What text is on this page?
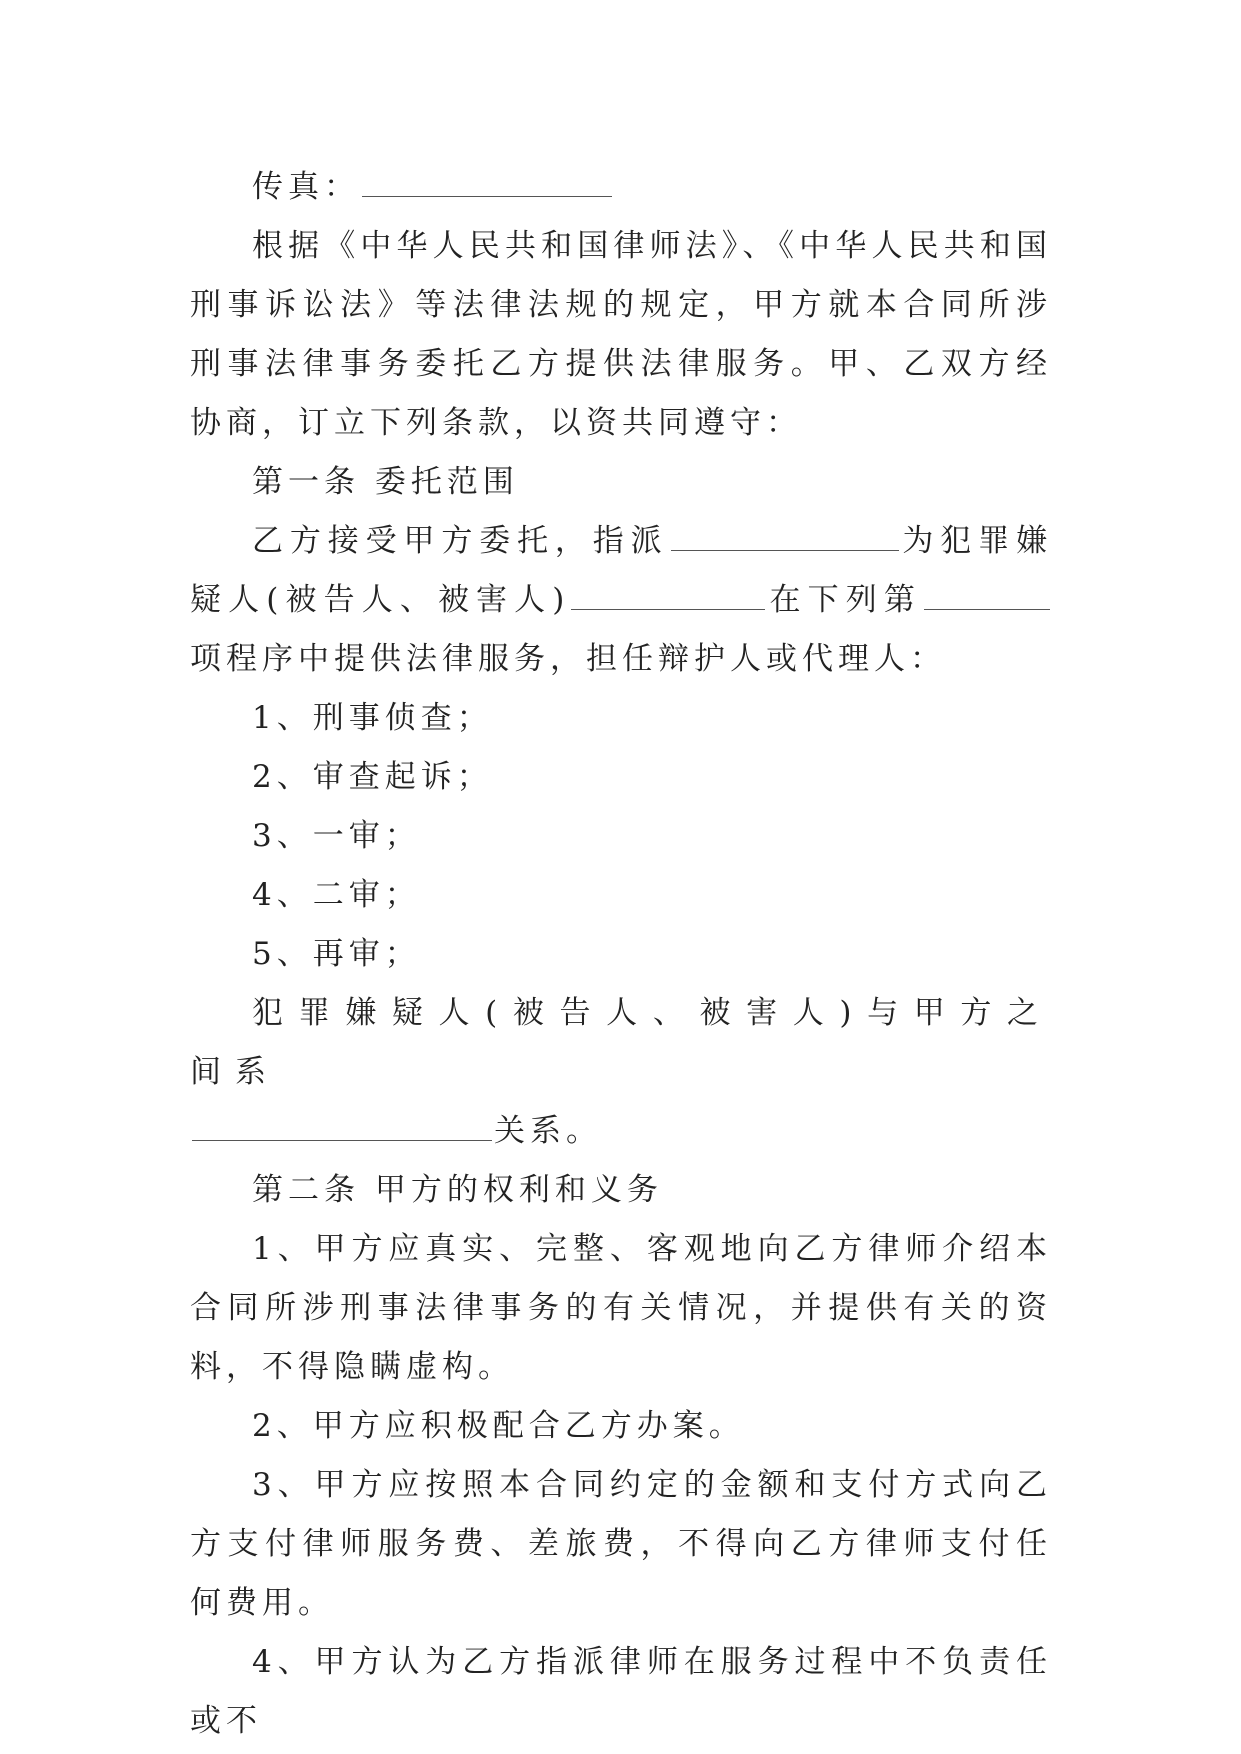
传真：

根据《中华人民共和国律师法》、《中华人民共和国刑事诉讼法》等法律法规的规定，甲方就本合同所涉刑事法律事务委托乙方提供法律服务。甲、乙双方经协商，订立下列条款，以资共同遵守：

第一条 委托范围

乙方接受甲方委托，指派	为犯罪嫌疑人(被告人、被害人)	在下列第项程序中提供法律服务，担任辩护人或代理人：

1、刑事侦查；

2、审查起诉；

3、一审；

4、二审；

5、再审；

犯罪嫌疑人(被告人、被害人)与甲方之间系

关系。

第二条 甲方的权利和义务

1、甲方应真实、完整、客观地向乙方律师介绍本合同所涉刑事法律事务的有关情况，并提供有关的资料，不得隐瞒虚构。

2、甲方应积极配合乙方办案。

3、甲方应按照本合同约定的金额和支付方式向乙方支付律师服务费、差旅费，不得向乙方律师支付任何费用。

4、甲方认为乙方指派律师在服务过程中不负责任或不
